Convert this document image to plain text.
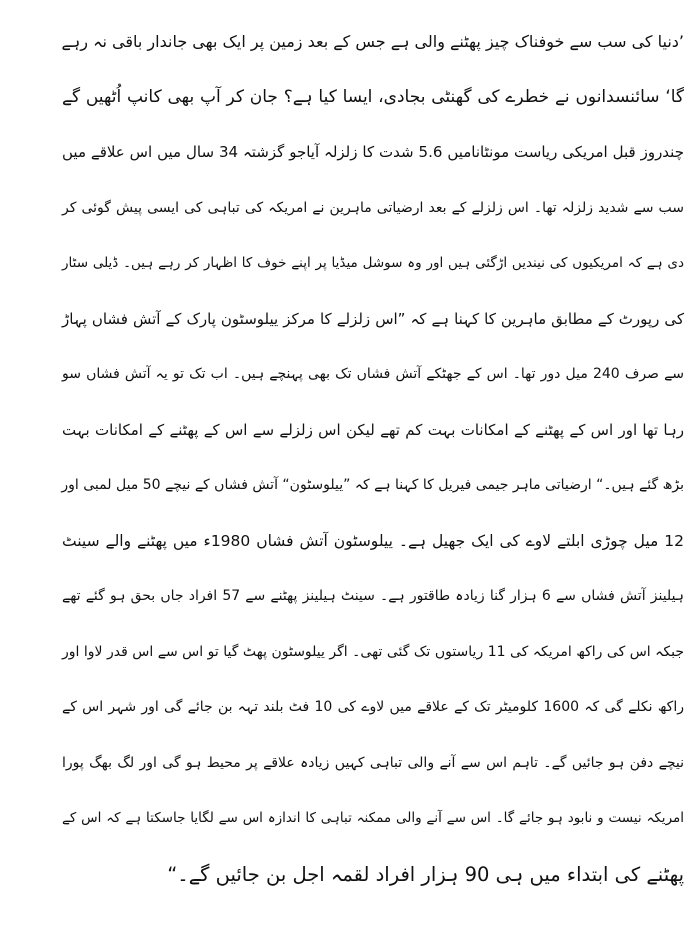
’دنیا کی سب سے خوفناک چیز پھٹنے والی ہے جس کے بعد زمین پر ایک بھی جاندار باقی نہ رہے
گا‘ سائنسدانوں نے خطرے کی گھنٹی بجادی، ایسا کیا ہے؟ جان کر آپ بھی کانپ اُٹھیں گے
چندروز قبل امریکی ریاست مونٹانامیں 5.6 شدت کا زلزلہ آیاجو گزشتہ 34 سال میں اس علاقے میں
سب سے شدید زلزلہ تھا۔ اس زلزلے کے بعد ارضیاتی ماہرین نے امریکہ کی تباہی کی ایسی پیش گوئی کر
دی ہے کہ امریکیوں کی نیندیں اڑگئی ہیں اور وہ سوشل میڈیا پر اپنے خوف کا اظہار کر رہے ہیں۔ ڈیلی سٹار
کی رپورٹ کے مطابق ماہرین کا کہنا ہے کہ ”اس زلزلے کا مرکز ییلوسٹون پارک کے آتش فشاں پہاڑ
سے صرف 240 میل دور تھا۔ اس کے جھٹکے آتش فشاں تک بھی پہنچے ہیں۔ اب تک تو یہ آتش فشاں سو
رہا تھا اور اس کے پھٹنے کے امکانات بہت کم تھے لیکن اس زلزلے سے اس کے پھٹنے کے امکانات بہت
بڑھ گئے ہیں۔“ ارضیاتی ماہر جیمی فیریل کا کہنا ہے کہ ”ییلوسٹون“ آتش فشاں کے نیچے 50 میل لمبی اور
12 میل چوڑی ابلتے لاوے کی ایک جھیل ہے۔ ییلوسٹون آتش فشاں 1980ء میں پھٹنے والے سینٹ
ہیلینز آتش فشاں سے 6 ہزار گنا زیادہ طاقتور ہے۔ سینٹ ہیلینز پھٹنے سے 57 افراد جاں بحق ہو گئے تھے
جبکہ اس کی راکھ امریکہ کی 11 ریاستوں تک گئی تھی۔ اگر ییلوسٹون پھٹ گیا تو اس سے اس قدر لاوا اور
راکھ نکلے گی کہ 1600 کلومیٹر تک کے علاقے میں لاوے کی 10 فٹ بلند تہہ بن جائے گی اور شہر اس کے
نیچے دفن ہو جائیں گے۔ تاہم اس سے آنے والی تباہی کہیں زیادہ علاقے پر محیط ہو گی اور لگ بھگ پورا
امریکہ نیست و نابود ہو جائے گا۔ اس سے آنے والی ممکنہ تباہی کا اندازہ اس سے لگایا جاسکتا ہے کہ اس کے
پھٹنے کی ابتداء میں ہی 90 ہزار افراد لقمہ اجل بن جائیں گے۔“
